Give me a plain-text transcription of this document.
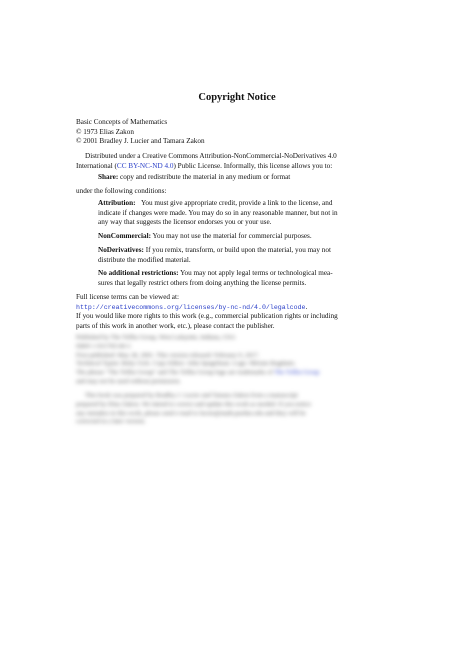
Copyright Notice
Basic Concepts of Mathematics
© 1973 Elias Zakon
© 2001 Bradley J. Lucier and Tamara Zakon
Distributed under a Creative Commons Attribution-NonCommercial-NoDerivatives 4.0
International (CC BY-NC-ND 4.0) Public License. Informally, this license allows you to:
Share: copy and redistribute the material in any medium or format
under the following conditions:
Attribution: You must give appropriate credit, provide a link to the license, and
indicate if changes were made. You may do so in any reasonable manner, but not in
any way that suggests the licensor endorses you or your use.
NonCommercial: You may not use the material for commercial purposes.
NoDerivatives: If you remix, transform, or build upon the material, you may not
distribute the modified material.
No additional restrictions: You may not apply legal terms or technological mea-
sures that legally restrict others from doing anything the license permits.
Full license terms can be viewed at:
http://creativecommons.org/licenses/by-nc-nd/4.0/legalcode.
If you would like more rights to this work (e.g., commercial publication rights or including
parts of this work in another work, etc.), please contact the publisher.
Published by The Trillia Group, West Lafayette, Indiana, USA
ISBN 1-931705-00-3
First published: May 28, 2001. This version released: February 9, 2017.
Technical Typist: Betty Gick. Copy Editor: John Spegelman. Logo: Miriam Bogdanic.
The phrase "The Trillia Group" and The Trillia Group logo are trademarks of The Trillia Group
and may not be used without permission.
This book was prepared by Bradley J. Lucier and Tamara Zakon from a manuscript
prepared by Elias Zakon. We intend to correct and update this work as needed. If you notice
any mistakes in this work, please send e-mail to lucier@math.purdue.edu and they will be
corrected in a later version.
